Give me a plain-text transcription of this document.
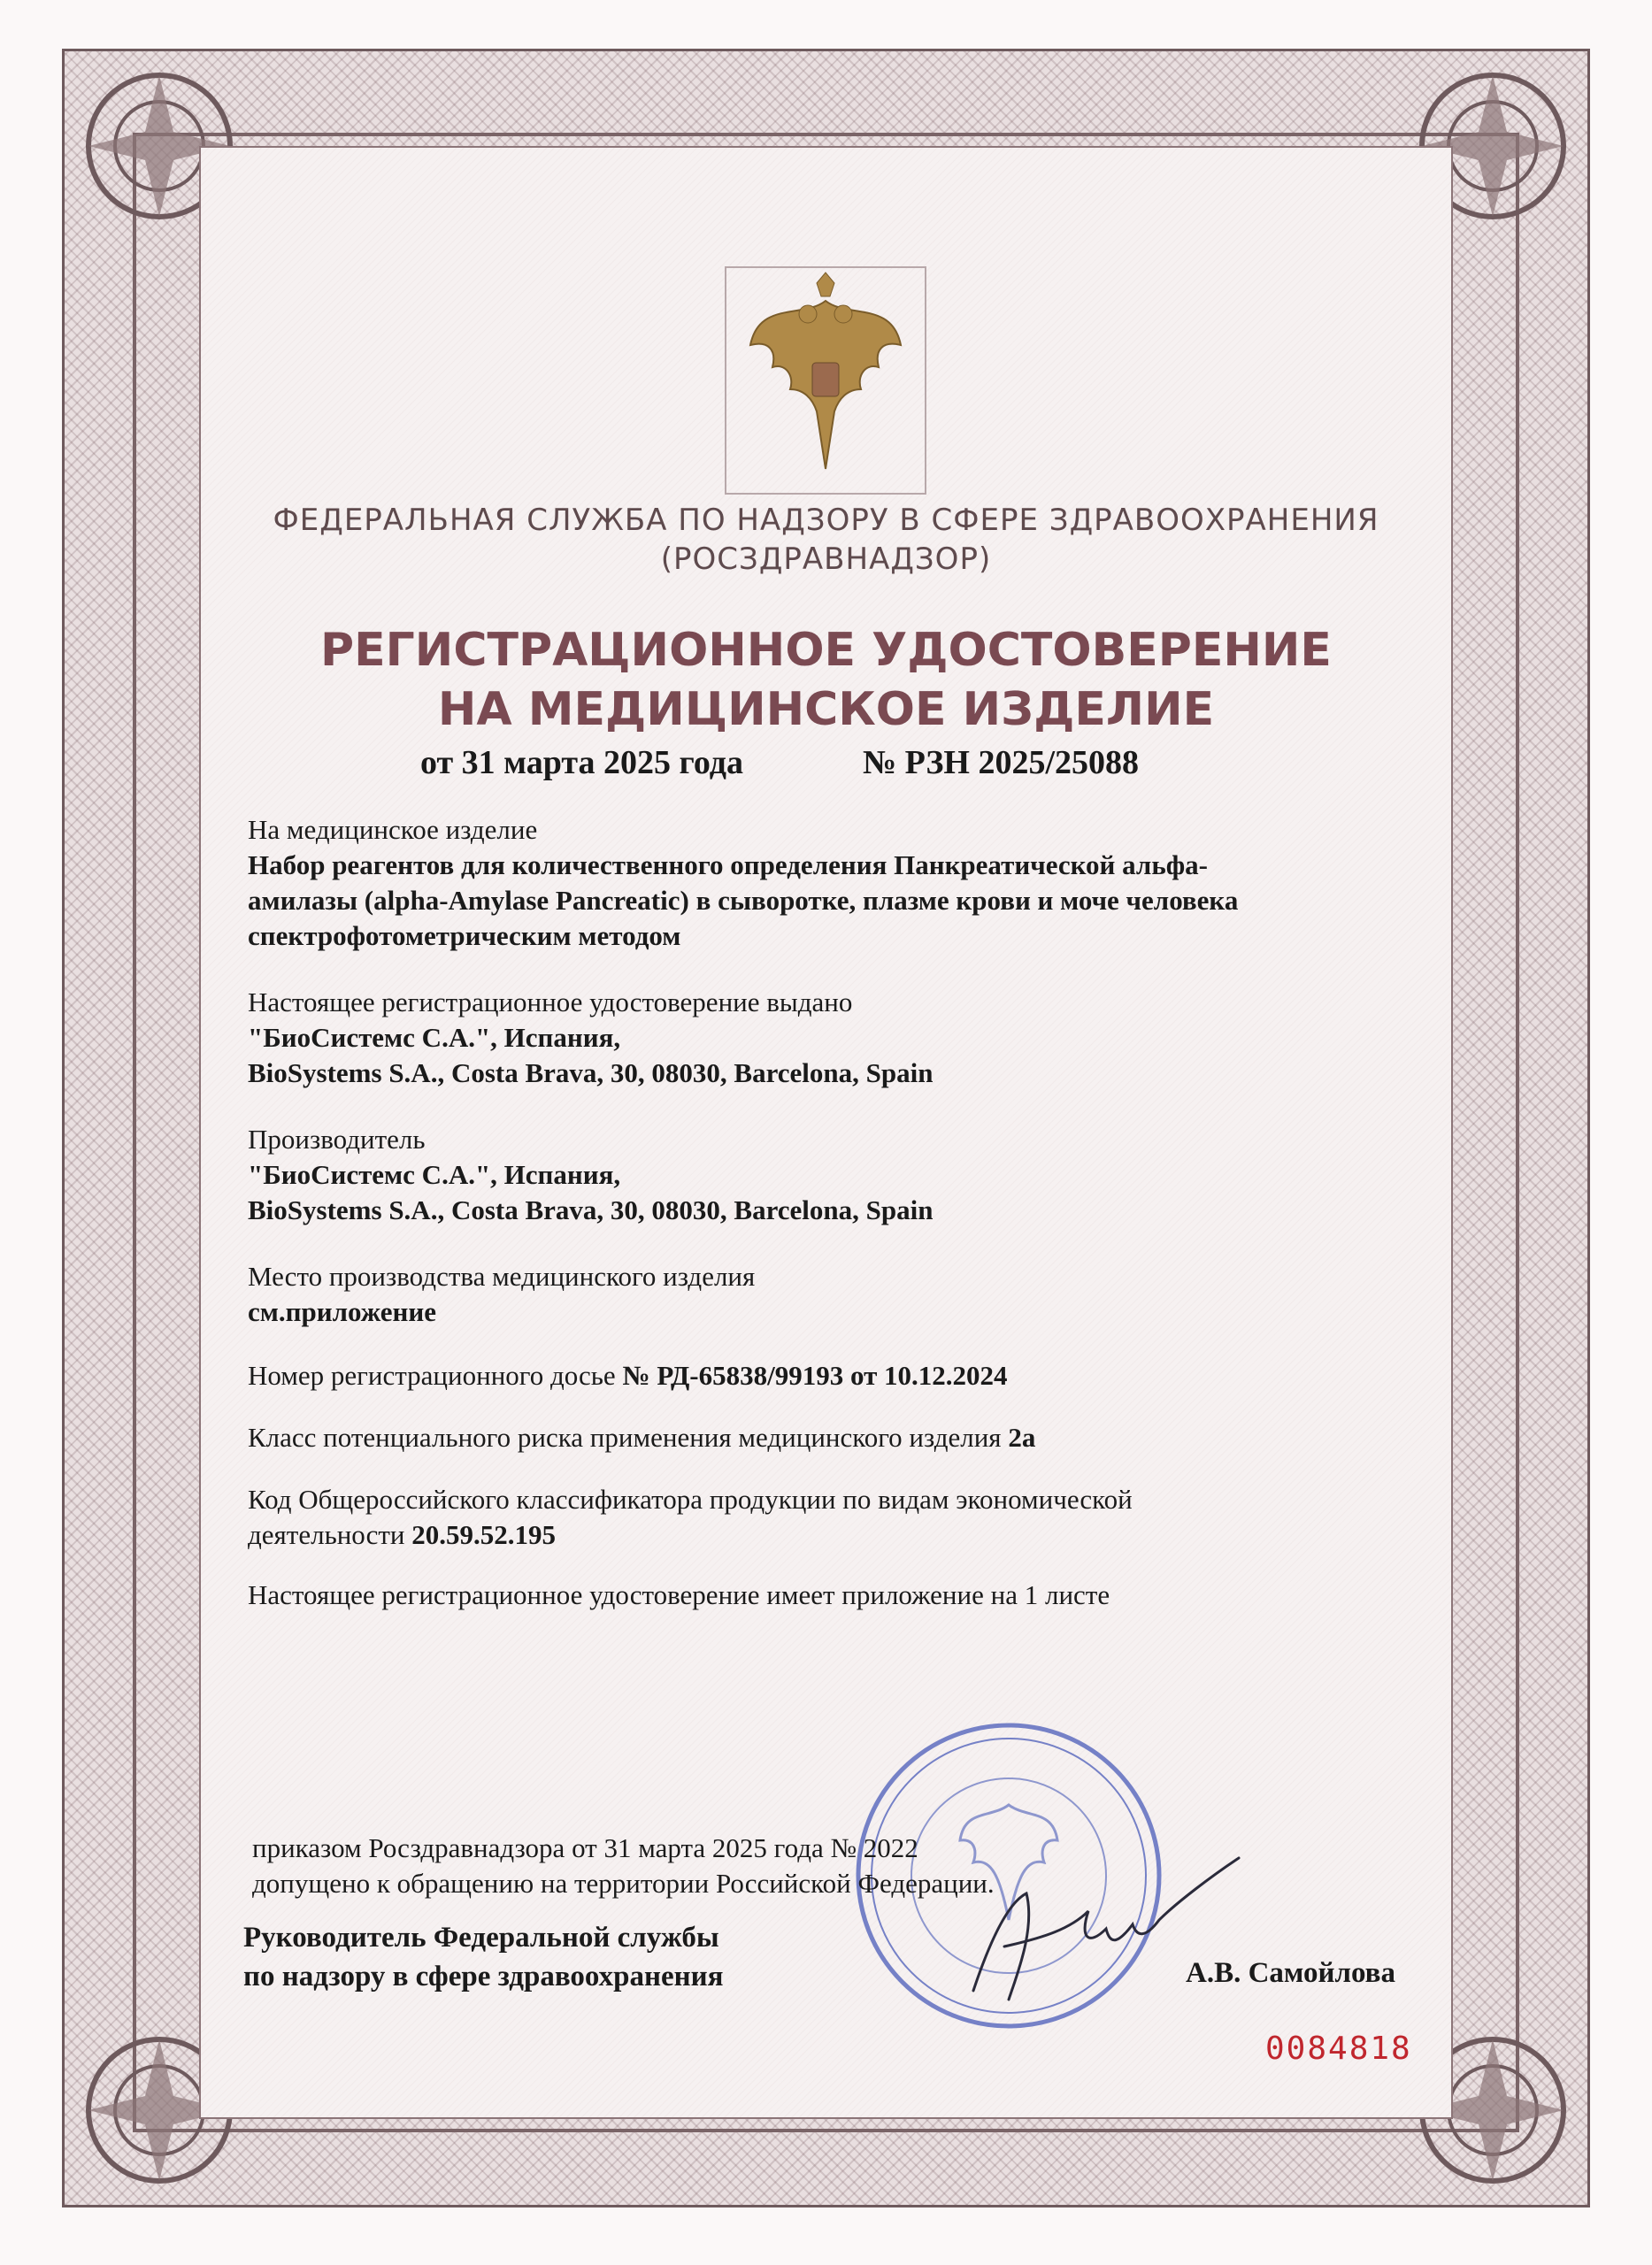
ФЕДЕРАЛЬНАЯ СЛУЖБА ПО НАДЗОРУ В СФЕРЕ ЗДРАВООХРАНЕНИЯ
(РОСЗДРАВНАДЗОР)
РЕГИСТРАЦИОННОЕ УДОСТОВЕРЕНИЕ
НА МЕДИЦИНСКОЕ ИЗДЕЛИЕ
от 31 марта 2025 года	№ РЗН 2025/25088
На медицинское изделие
Набор реагентов для количественного определения Панкреатической альфа-
амилазы (alpha-Amylase Pancreatic) в сыворотке, плазме крови и моче человека
спектрофотометрическим методом
Настоящее регистрационное удостоверение выдано
"БиоСистемс С.А.", Испания,
BioSystems S.A., Costa Brava, 30, 08030, Barcelona, Spain
Производитель
"БиоСистемс С.А.", Испания,
BioSystems S.A., Costa Brava, 30, 08030, Barcelona, Spain
Место производства медицинского изделия
см.приложение
Номер регистрационного досье № РД-65838/99193 от 10.12.2024
Класс потенциального риска применения медицинского изделия 2а
Код Общероссийского классификатора продукции по видам экономической
деятельности 20.59.52.195
Настоящее регистрационное удостоверение имеет приложение на 1 листе
приказом Росздравнадзора от 31 марта 2025 года № 2022
допущено к обращению на территории Российской Федерации.
Руководитель Федеральной службы
по надзору в сфере здравоохранения	А.В. Самойлова
0084818
